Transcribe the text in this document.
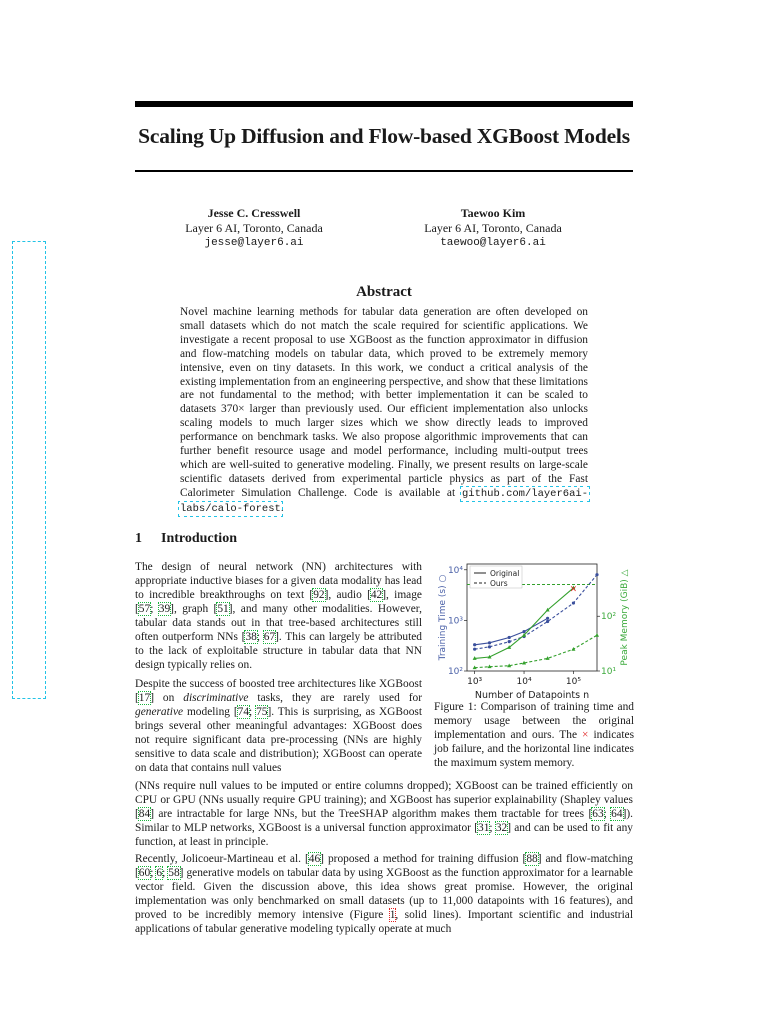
Scaling Up Diffusion and Flow-based XGBoost Models
Jesse C. Cresswell
Layer 6 AI, Toronto, Canada
jesse@layer6.ai
Taewoo Kim
Layer 6 AI, Toronto, Canada
taewoo@layer6.ai
Abstract
Novel machine learning methods for tabular data generation are often developed on small datasets which do not match the scale required for scientific applications. We investigate a recent proposal to use XGBoost as the function approximator in diffusion and flow-matching models on tabular data, which proved to be extremely memory intensive, even on tiny datasets. In this work, we conduct a critical analysis of the existing implementation from an engineering perspective, and show that these limitations are not fundamental to the method; with better implementation it can be scaled to datasets 370× larger than previously used. Our efficient implementation also unlocks scaling models to much larger sizes which we show directly leads to improved performance on benchmark tasks. We also propose algorithmic improvements that can further benefit resource usage and model performance, including multi-output trees which are well-suited to generative modeling. Finally, we present results on large-scale scientific datasets derived from experimental particle physics as part of the Fast Calorimeter Simulation Challenge. Code is available at github.com/layer6ai-labs/calo-forest.
1 Introduction
The design of neural network (NN) architectures with appropriate inductive biases for a given data modality has lead to incredible breakthroughs on text [92], audio [42], image [57; 39], graph [51], and many other modalities. However, tabular data stands out in that tree-based architectures still often outperform NNs [38; 67]. This can largely be attributed to the lack of exploitable structure in tabular data that NN design typically relies on.
Despite the success of boosted tree architectures like XGBoost [17] on discriminative tasks, they are rarely used for generative modeling [74; 75]. This is surprising, as XGBoost brings several other meaningful advantages: XGBoost does not require significant data pre-processing (NNs are highly sensitive to data scale and distribution); XGBoost can operate on data that contains null values
(NNs require null values to be imputed or entire columns dropped); XGBoost can be trained efficiently on CPU or GPU (NNs usually require GPU training); and XGBoost has superior explainability (Shapley values [84] are intractable for large NNs, but the TreeSHAP algorithm makes them tractable for trees [63; 64]). Similar to MLP networks, XGBoost is a universal function approximator [31; 32] and can be used to fit any function, at least in principle.
Recently, Jolicoeur-Martineau et al. [46] proposed a method for training diffusion [88] and flow-matching [60; 6; 58] generative models on tabular data by using XGBoost as the function approximator for a learnable vector field. Given the discussion above, this idea shows great promise. However, the original implementation was only benchmarked on small datasets (up to 11,000 datapoints with 16 features), and proved to be incredibly memory intensive (Figure 1, solid lines). Important scientific and industrial applications of tabular generative modeling typically operate at much
10³	10⁴	10⁵
10²
10³
10⁴
10¹
10²
×
Original
Ours
Number of Datapoints n
Training Time (s) ○	Peak Memory (GiB) △
Figure 1: Comparison of training time and memory usage between the original implementation and ours. The × indicates job failure, and the horizontal line indicates the maximum system memory.
